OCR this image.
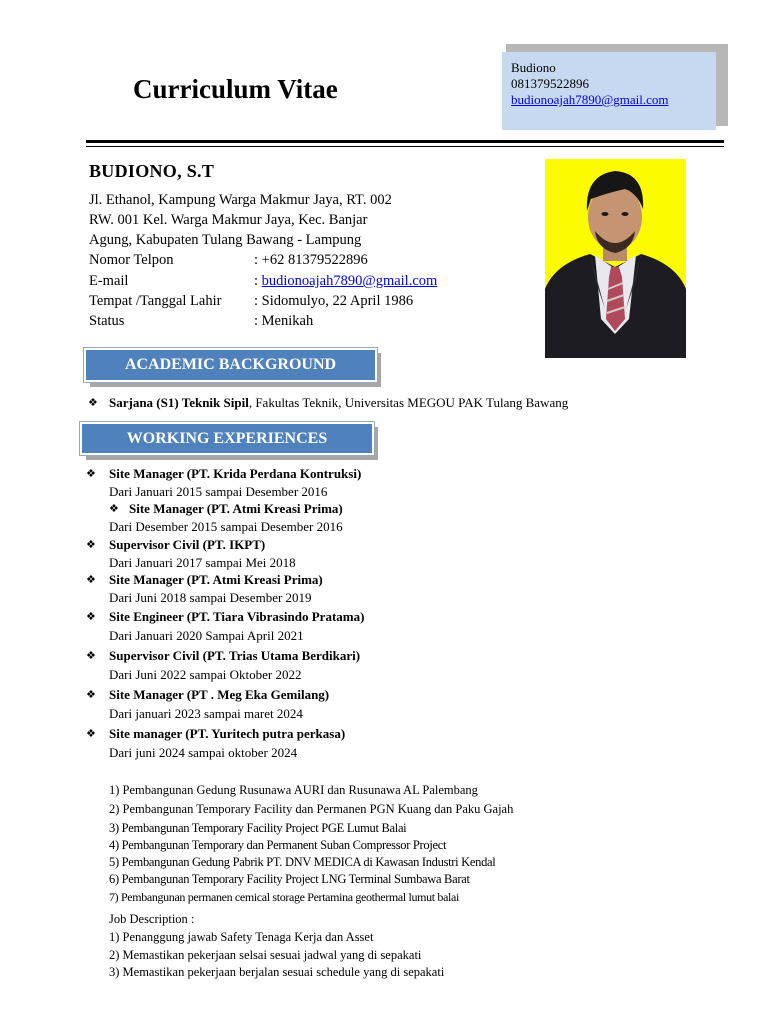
Curriculum Vitae
Budiono
081379522896
budionoajah7890@gmail.com
BUDIONO, S.T
Jl. Ethanol, Kampung Warga Makmur Jaya, RT. 002
RW. 001 Kel. Warga Makmur Jaya, Kec. Banjar
Agung, Kabupaten Tulang Bawang - Lampung
Nomor Telpon	: +62 81379522896
E-mail	: budionoajah7890@gmail.com
Tempat /Tanggal Lahir : Sidomulyo, 22 April 1986
Status	: Menikah
ACADEMIC BACKGROUND
❖ Sarjana (S1) Teknik Sipil, Fakultas Teknik, Universitas MEGOU PAK Tulang Bawang
WORKING EXPERIENCES
❖ Site Manager (PT. Krida Perdana Kontruksi)
Dari Januari 2015 sampai Desember 2016
❖ Site Manager (PT. Atmi Kreasi Prima)
Dari Desember 2015 sampai Desember 2016
❖ Supervisor Civil (PT. IKPT)
Dari Januari 2017 sampai Mei 2018
❖ Site Manager (PT. Atmi Kreasi Prima)
Dari Juni 2018 sampai Desember 2019
❖ Site Engineer (PT. Tiara Vibrasindo Pratama)
Dari Januari 2020 Sampai April 2021
❖ Supervisor Civil (PT. Trias Utama Berdikari)
Dari Juni 2022 sampai Oktober 2022
❖ Site Manager (PT . Meg Eka Gemilang)
Dari januari 2023 sampai maret 2024
❖ Site manager (PT. Yuritech putra perkasa)
Dari juni 2024 sampai oktober 2024
1) Pembangunan Gedung Rusunawa AURI dan Rusunawa AL Palembang
2) Pembangunan Temporary Facility dan Permanen PGN Kuang dan Paku Gajah
3) Pembangunan Temporary Facility Project PGE Lumut Balai
4) Pembangunan Temporary dan Permanent Suban Compressor Project
5) Pembangunan Gedung Pabrik PT. DNV MEDICA di Kawasan Industri Kendal
6) Pembangunan Temporary Facility Project LNG Terminal Sumbawa Barat
7) Pembangunan permanen cemical storage Pertamina geothermal lumut balai
Job Description :
1) Penanggung jawab Safety Tenaga Kerja dan Asset
2) Memastikan pekerjaan selsai sesuai jadwal yang di sepakati
3) Memastikan pekerjaan berjalan sesuai schedule yang di sepakati
